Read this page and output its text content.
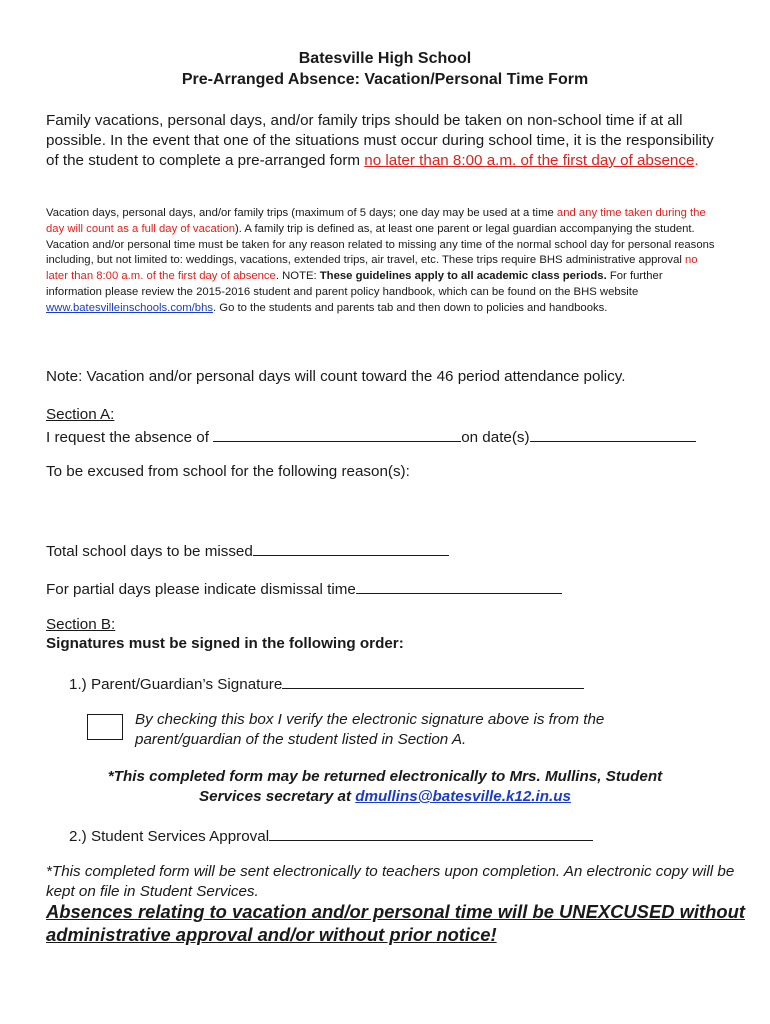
Batesville High School
Pre-Arranged Absence: Vacation/Personal Time Form
Family vacations, personal days, and/or family trips should be taken on non-school time if at all possible. In the event that one of the situations must occur during school time, it is the responsibility of the student to complete a pre-arranged form no later than 8:00 a.m. of the first day of absence.
Vacation days, personal days, and/or family trips (maximum of 5 days; one day may be used at a time and any time taken during the day will count as a full day of vacation). A family trip is defined as, at least one parent or legal guardian accompanying the student. Vacation and/or personal time must be taken for any reason related to missing any time of the normal school day for personal reasons including, but not limited to: weddings, vacations, extended trips, air travel, etc. These trips require BHS administrative approval no later than 8:00 a.m. of the first day of absence. NOTE: These guidelines apply to all academic class periods. For further information please review the 2015-2016 student and parent policy handbook, which can be found on the BHS website www.batesvilleinschools.com/bhs. Go to the students and parents tab and then down to policies and handbooks.
Note: Vacation and/or personal days will count toward the 46 period attendance policy.
Section A:
I request the absence of	on date(s)
To be excused from school for the following reason(s):
Total school days to be missed
For partial days please indicate dismissal time
Section B:
Signatures must be signed in the following order:
1.) Parent/Guardian’s Signature
By checking this box I verify the electronic signature above is from the parent/guardian of the student listed in Section A.
*This completed form may be returned electronically to Mrs. Mullins, Student
Services secretary at dmullins@batesville.k12.in.us
2.) Student Services Approval
*This completed form will be sent electronically to teachers upon completion. An electronic copy will be kept on file in Student Services.
Absences relating to vacation and/or personal time will be UNEXCUSED without administrative approval and/or without prior notice!
